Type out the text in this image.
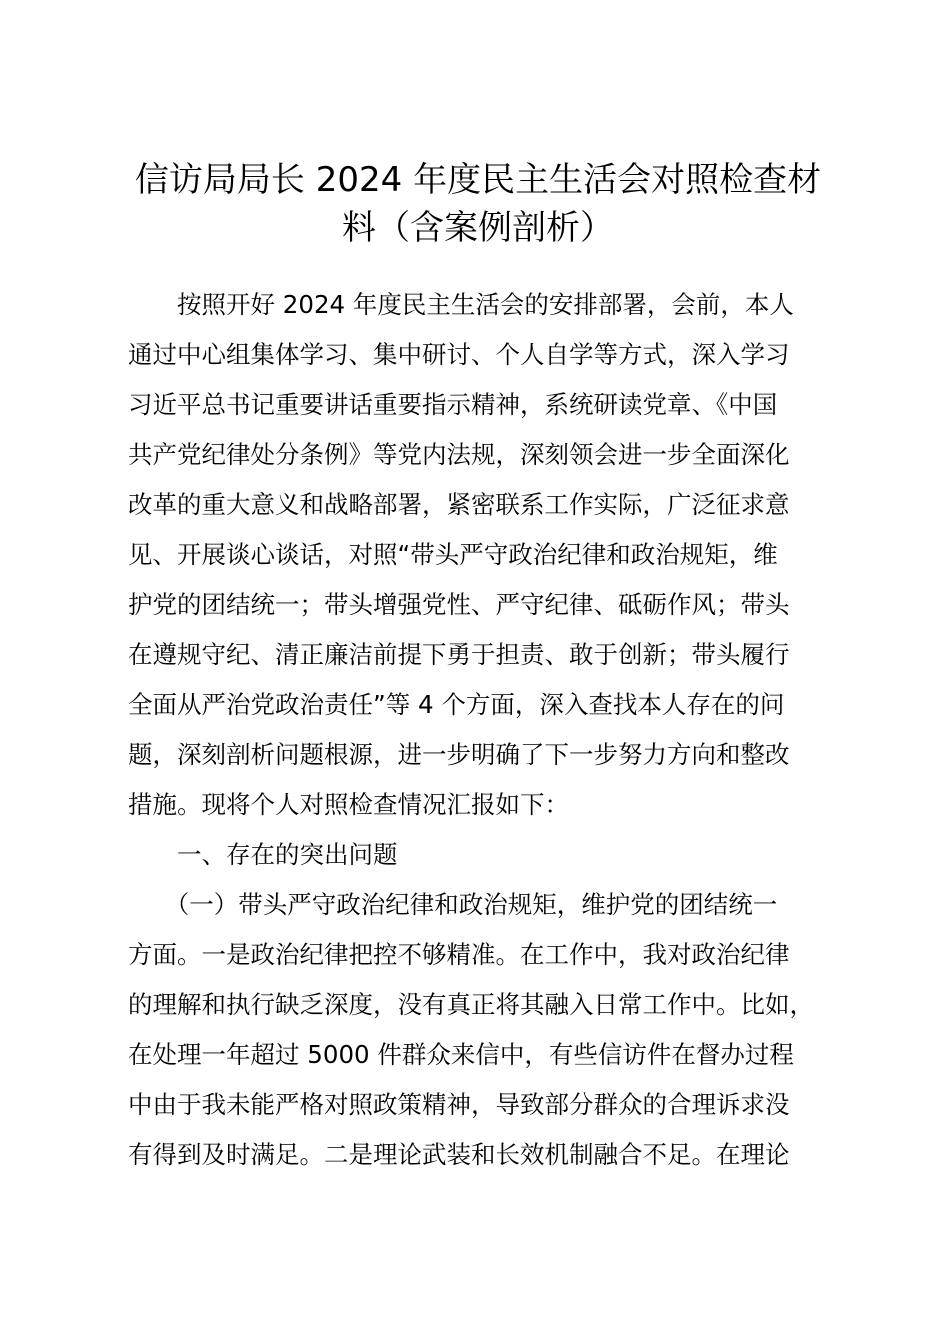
信访局局长 2024 年度民主生活会对照检查材
料（含案例剖析）
　　按照开好 2024 年度民主生活会的安排部署，会前，本人
通过中心组集体学习、集中研讨、个人自学等方式，深入学习
习近平总书记重要讲话重要指示精神，系统研读党章、《中国
共产党纪律处分条例》等党内法规，深刻领会进一步全面深化
改革的重大意义和战略部署，紧密联系工作实际，广泛征求意
见、开展谈心谈话，对照“带头严守政治纪律和政治规矩，维
护党的团结统一；带头增强党性、严守纪律、砥砺作风；带头
在遵规守纪、清正廉洁前提下勇于担责、敢于创新；带头履行
全面从严治党政治责任”等 4 个方面，深入查找本人存在的问
题，深刻剖析问题根源，进一步明确了下一步努力方向和整改
措施。现将个人对照检查情况汇报如下：
　　一、存在的突出问题
　　（一）带头严守政治纪律和政治规矩，维护党的团结统一
方面。一是政治纪律把控不够精准。在工作中，我对政治纪律
的理解和执行缺乏深度，没有真正将其融入日常工作中。比如，
在处理一年超过 5000 件群众来信中，有些信访件在督办过程
中由于我未能严格对照政策精神，导致部分群众的合理诉求没
有得到及时满足。二是理论武装和长效机制融合不足。在理论
